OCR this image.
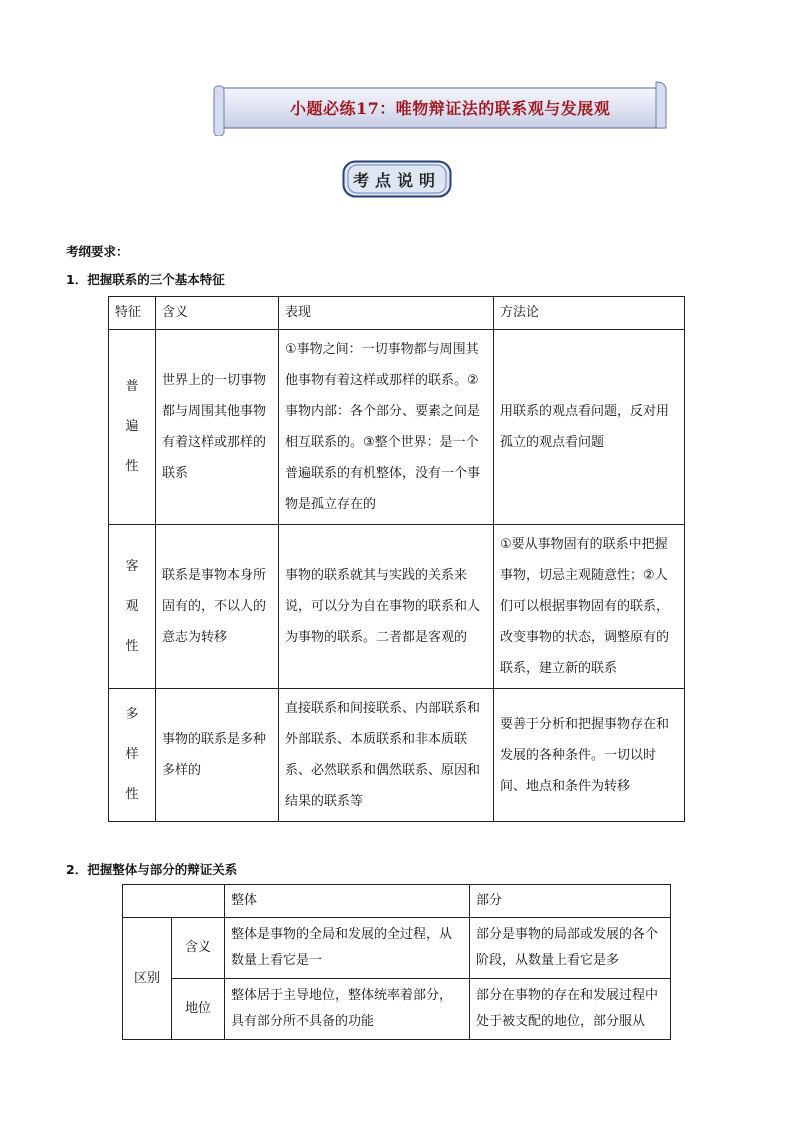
小题必练17：唯物辩证法的联系观与发展观
考点说明
考纲要求：
1．把握联系的三个基本特征
特征	含义	表现	方法论

普
遍
性	世界上的一切事物都与周围其他事物有着这样或那样的联系	①事物之间：一切事物都与周围其他事物有着这样或那样的联系。②事物内部：各个部分、要素之间是相互联系的。③整个世界：是一个普遍联系的有机整体，没有一个事物是孤立存在的	用联系的观点看问题，反对用孤立的观点看问题

客
观
性	联系是事物本身所固有的，不以人的意志为转移	事物的联系就其与实践的关系来说，可以分为自在事物的联系和人为事物的联系。二者都是客观的	①要从事物固有的联系中把握事物，切忌主观随意性；②人们可以根据事物固有的联系，改变事物的状态，调整原有的联系，建立新的联系

多
样
性	事物的联系是多种多样的	直接联系和间接联系、内部联系和外部联系、本质联系和非本质联系、必然联系和偶然联系、原因和结果的联系等	要善于分析和把握事物存在和发展的各种条件。一切以时间、地点和条件为转移
2．把握整体与部分的辩证关系
		整体	部分
区别	含义	整体是事物的全局和发展的全过程，从数量上看它是一	部分是事物的局部或发展的各个阶段，从数量上看它是多
	地位	整体居于主导地位，整体统率着部分，具有部分所不具备的功能	部分在事物的存在和发展过程中处于被支配的地位，部分服从
